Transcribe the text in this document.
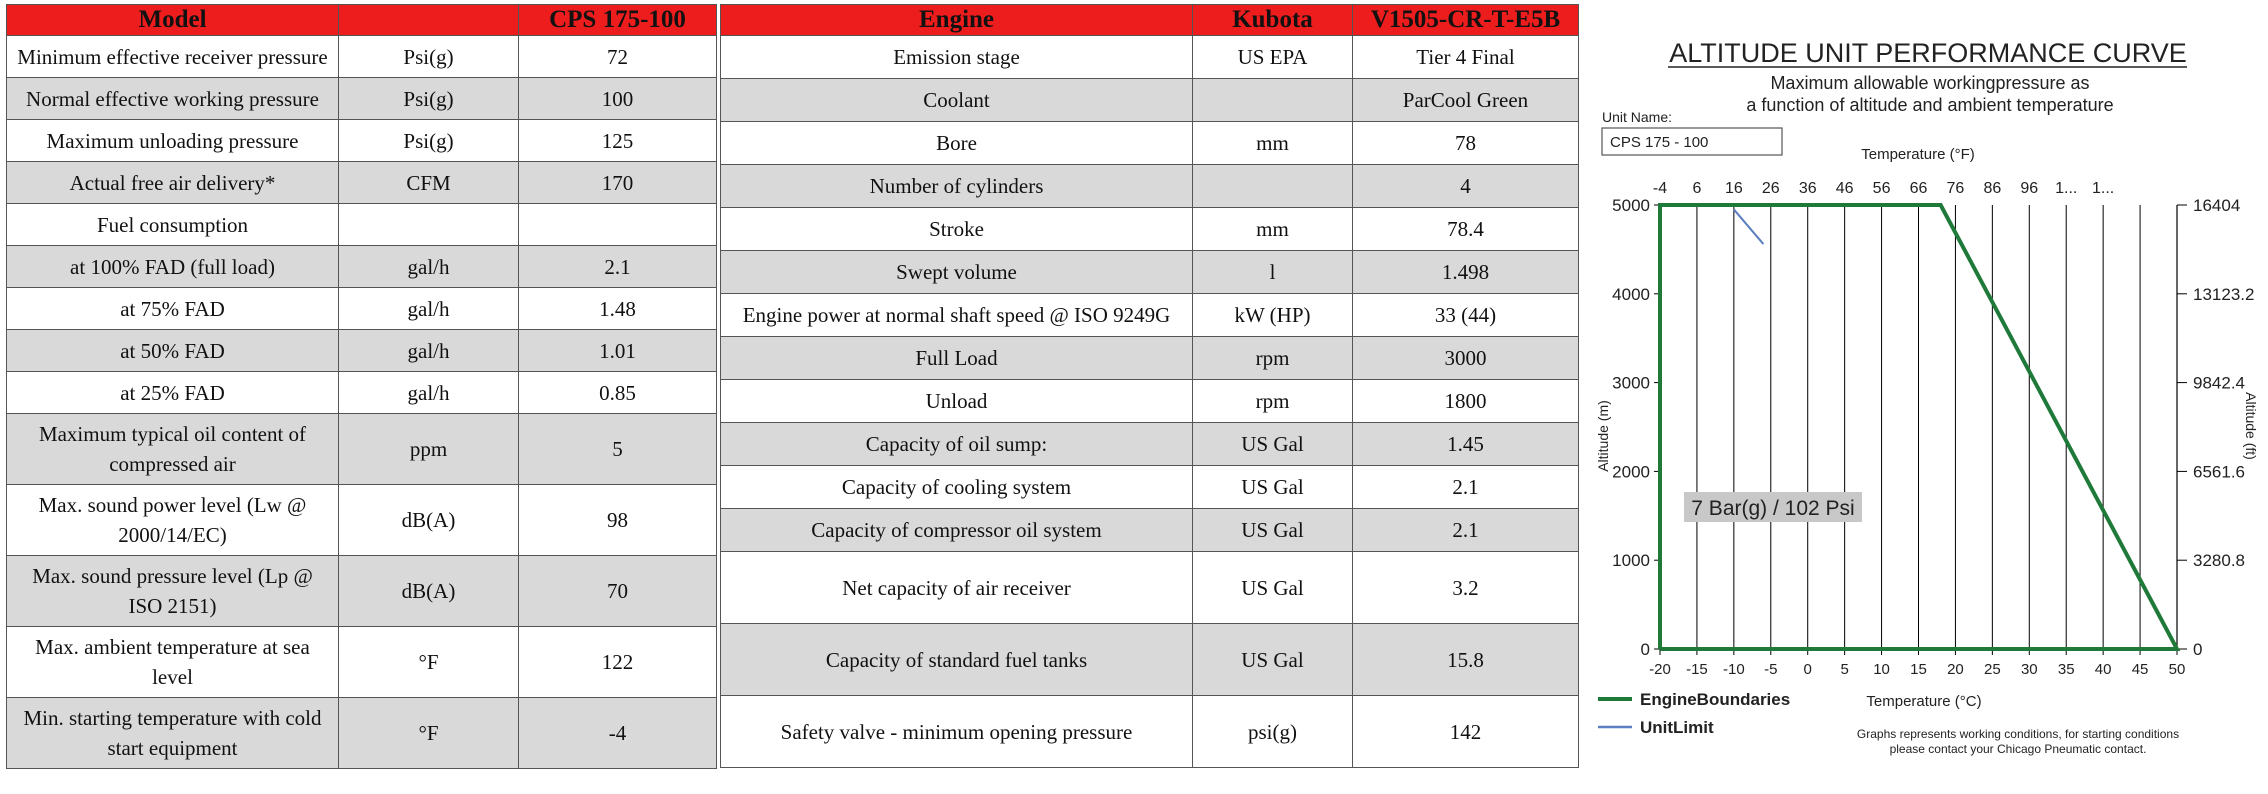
Model		CPS 175-100
Minimum effective receiver pressure	Psi(g)	72
Normal effective working pressure	Psi(g)	100
Maximum unloading pressure	Psi(g)	125
Actual free air delivery*	CFM	170
Fuel consumption		
at 100% FAD (full load)	gal/h	2.1
at 75% FAD	gal/h	1.48
at 50% FAD	gal/h	1.01
at 25% FAD	gal/h	0.85
Maximum typical oil content of compressed air	ppm	5
Max. sound power level (Lw @ 2000/14/EC)	dB(A)	98
Max. sound pressure level (Lp @ ISO 2151)	dB(A)	70
Max. ambient temperature at sea level	°F	122
Min. starting temperature with cold start equipment	°F	-4
Engine	Kubota	V1505-CR-T-E5B
Emission stage	US EPA	Tier 4 Final
Coolant		ParCool Green
Bore	mm	78
Number of cylinders		4
Stroke	mm	78.4
Swept volume	l	1.498
Engine power at normal shaft speed @ ISO 9249G	kW (HP)	33 (44)
Full Load	rpm	3000
Unload	rpm	1800
Capacity of oil sump:	US Gal	1.45
Capacity of cooling system	US Gal	2.1
Capacity of compressor oil system	US Gal	2.1
Net capacity of air receiver	US Gal	3.2
Capacity of standard fuel tanks	US Gal	15.8
Safety valve - minimum opening pressure	psi(g)	142
ALTITUDE UNIT PERFORMANCE CURVE
Maximum allowable workingpressure as
a function of altitude and ambient temperature
Unit Name:
CPS 175 - 100
Temperature (°F)
Temperature (°C)
Altitude (m)	Altitude (ft)
-20 -15 -10 -5 0 5 10 15 20 25 30 35 40 45 50
-4 6 16 26 36 46 56 66 76 86 96 1... 1...
0
1000
2000
3000
4000
5000
0
3280.8
6561.6
9842.4
13123.2
16404
7 Bar(g) / 102 Psi
EngineBoundaries
UnitLimit	Graphs represents working conditions, for starting conditions
please contact your Chicago Pneumatic contact.
